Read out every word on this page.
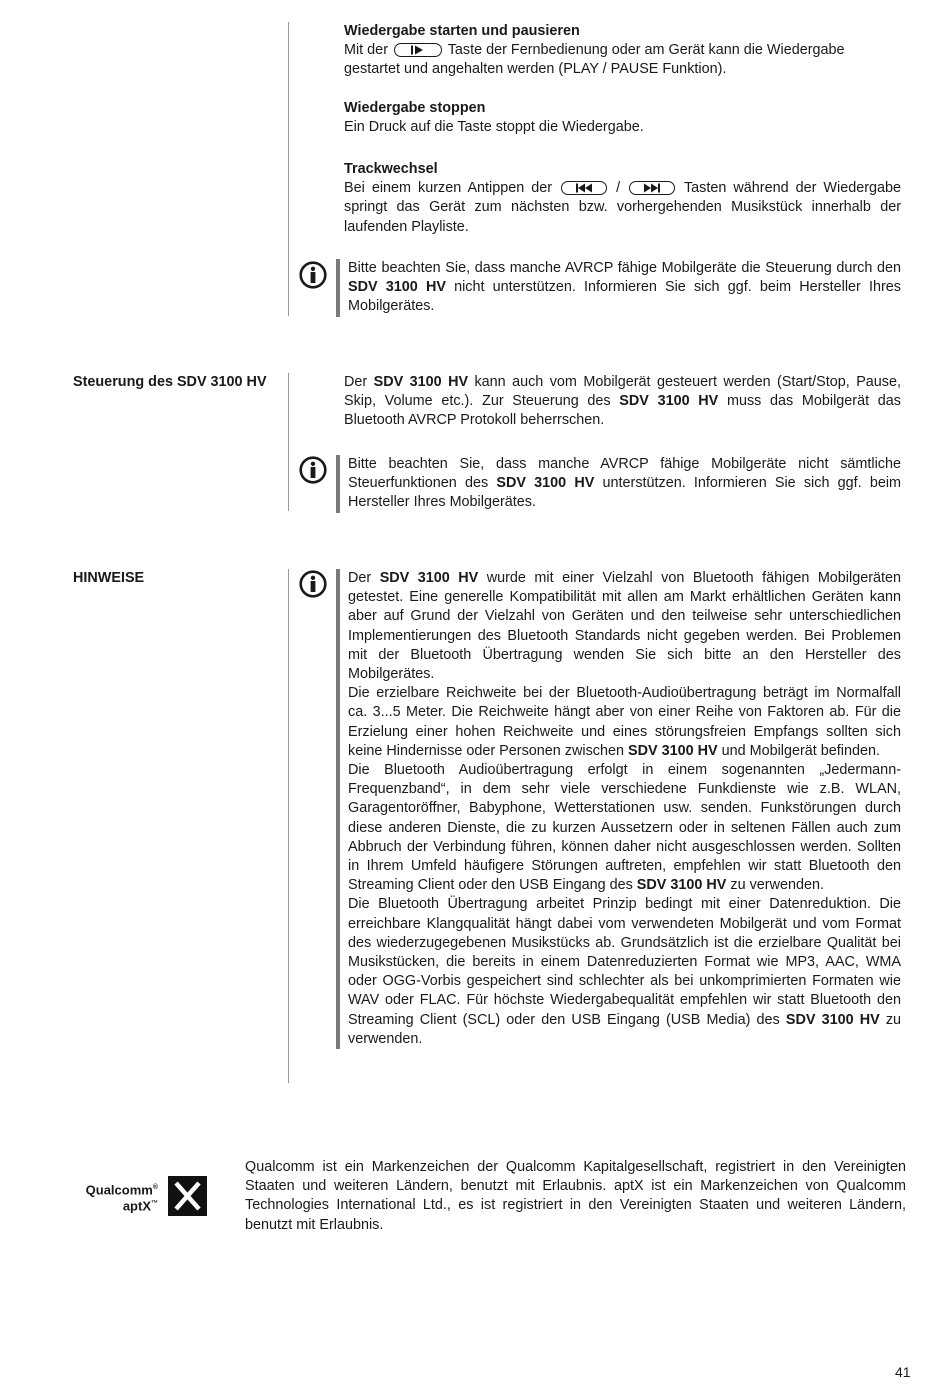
Wiedergabe starten und pausieren

Mit der	Taste der Fernbedienung oder am Gerät kann die Wiedergabe gestartet und angehalten werden (PLAY / PAUSE Funktion).

Wiedergabe stoppen

Ein Druck auf die Taste stoppt die Wiedergabe.

Trackwechsel

Bei einem kurzen Antippen der	/	Tasten während der Wiedergabe springt das Gerät zum nächsten bzw. vorhergehenden Musikstück innerhalb der laufenden Playliste.

Bitte beachten Sie, dass manche AVRCP fähige Mobilgeräte die Steuerung durch den SDV 3100 HV nicht unterstützen. Informieren Sie sich ggf. beim Hersteller Ihres Mobilgerätes.

Steuerung des SDV 3100 HV	Der SDV 3100 HV kann auch vom Mobilgerät gesteuert werden (Start/Stop, Pause, Skip, Volume etc.). Zur Steuerung des SDV 3100 HV muss das Mobilgerät das Bluetooth AVRCP Protokoll beherrschen.

Bitte beachten Sie, dass manche AVRCP fähige Mobilgeräte nicht sämtliche Steuerfunktionen des SDV 3100 HV unterstützen. Informieren Sie sich ggf. beim Hersteller Ihres Mobilgerätes.

HINWEISE	Der SDV 3100 HV wurde mit einer Vielzahl von Bluetooth fähigen Mobilgeräten getestet. Eine generelle Kompatibilität mit allen am Markt erhältlichen Geräten kann aber auf Grund der Vielzahl von Geräten und den teilweise sehr unterschiedlichen Implementierungen des Bluetooth Standards nicht gegeben werden. Bei Problemen mit der Bluetooth Übertragung wenden Sie sich bitte an den Hersteller des Mobilgerätes.

Die erzielbare Reichweite bei der Bluetooth-Audioübertragung beträgt im Normalfall ca. 3...5 Meter. Die Reichweite hängt aber von einer Reihe von Faktoren ab. Für die Erzielung einer hohen Reichweite und eines störungsfreien Empfangs sollten sich keine Hindernisse oder Personen zwischen SDV 3100 HV und Mobilgerät befinden.

Die Bluetooth Audioübertragung erfolgt in einem sogenannten „Jedermann-Frequenzband“, in dem sehr viele verschiedene Funkdienste wie z.B. WLAN, Garagentoröffner, Babyphone, Wetterstationen usw. senden. Funkstörungen durch diese anderen Dienste, die zu kurzen Aussetzern oder in seltenen Fällen auch zum Abbruch der Verbindung führen, können daher nicht ausgeschlossen werden. Sollten in Ihrem Umfeld häufigere Störungen auftreten, empfehlen wir statt Bluetooth den Streaming Client oder den USB Eingang des SDV 3100 HV zu verwenden.

Die Bluetooth Übertragung arbeitet Prinzip bedingt mit einer Datenreduktion. Die erreichbare Klangqualität hängt dabei vom verwendeten Mobilgerät und vom Format des wiederzugegebenen Musikstücks ab. Grundsätzlich ist die erzielbare Qualität bei Musikstücken, die bereits in einem Datenreduzierten Format wie MP3, AAC, WMA oder OGG-Vorbis gespeichert sind schlechter als bei unkomprimierten Formaten wie WAV oder FLAC. Für höchste Wiedergabequalität empfehlen wir statt Bluetooth den Streaming Client (SCL) oder den USB Eingang (USB Media) des SDV 3100 HV zu verwenden.

Qualcomm®
aptX™

Qualcomm ist ein Markenzeichen der Qualcomm Kapitalgesellschaft, registriert in den Vereinigten Staaten und weiteren Ländern, benutzt mit Erlaubnis. aptX ist ein Markenzeichen von Qualcomm Technologies International Ltd., es ist registriert in den Vereinigten Staaten und weiteren Ländern, benutzt mit Erlaubnis.

41
